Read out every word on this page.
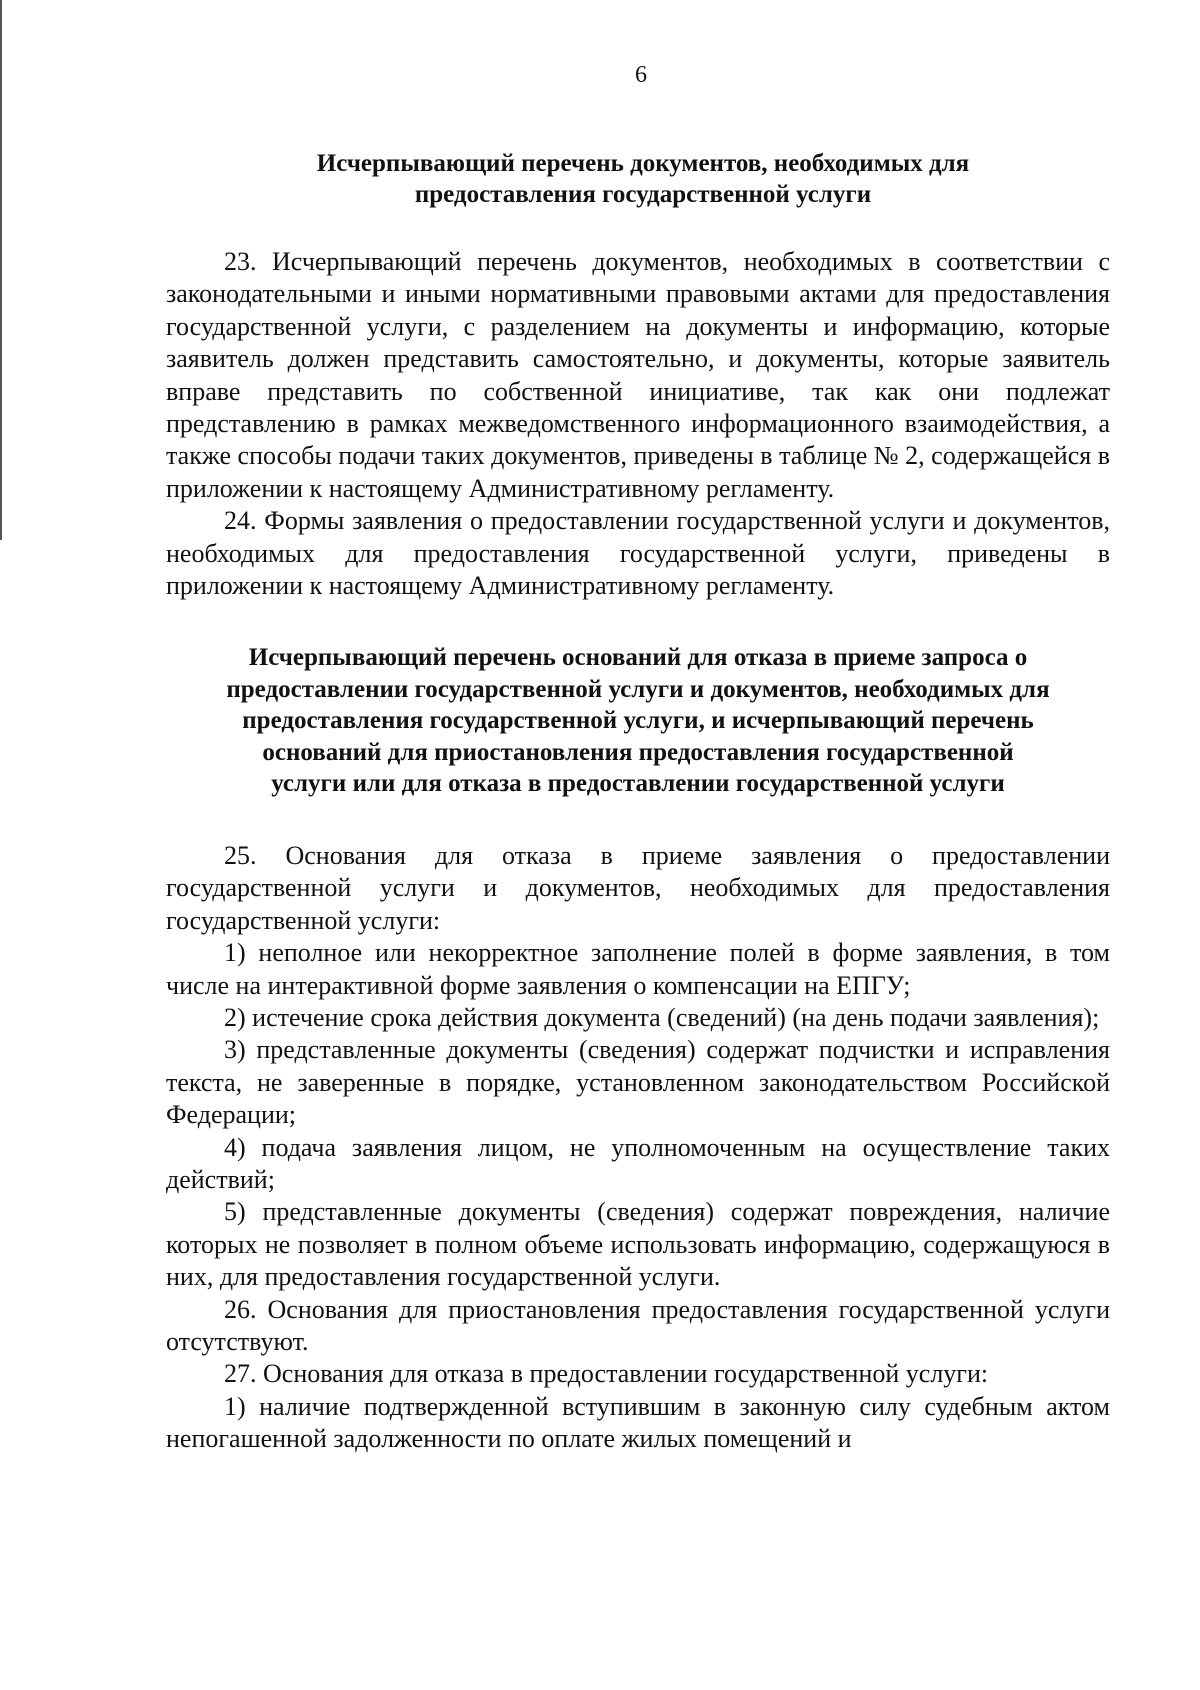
6
Исчерпывающий перечень документов, необходимых для
предоставления государственной услуги

23. Исчерпывающий перечень документов, необходимых в соответствии с законодательными и иными нормативными правовыми актами для предоставления государственной услуги, с разделением на документы и информацию, которые заявитель должен представить самостоятельно, и документы, которые заявитель вправе представить по собственной инициативе, так как они подлежат представлению в рамках межведомственного информационного взаимодействия, а также способы подачи таких документов, приведены в таблице № 2, содержащейся в приложении к настоящему Административному регламенту.

24. Формы заявления о предоставлении государственной услуги и документов, необходимых для предоставления государственной услуги, приведены в приложении к настоящему Административному регламенту.

Исчерпывающий перечень оснований для отказа в приеме запроса о
предоставлении государственной услуги и документов, необходимых для
предоставления государственной услуги, и исчерпывающий перечень
оснований для приостановления предоставления государственной
услуги или для отказа в предоставлении государственной услуги

25. Основания для отказа в приеме заявления о предоставлении государственной услуги и документов, необходимых для предоставления государственной услуги:

1) неполное или некорректное заполнение полей в форме заявления, в том числе на интерактивной форме заявления о компенсации на ЕПГУ;

2) истечение срока действия документа (сведений) (на день подачи заявления);

3) представленные документы (сведения) содержат подчистки и исправления текста, не заверенные в порядке, установленном законодательством Российской Федерации;

4) подача заявления лицом, не уполномоченным на осуществление таких действий;

5) представленные документы (сведения) содержат повреждения, наличие которых не позволяет в полном объеме использовать информацию, содержащуюся в них, для предоставления государственной услуги.

26. Основания для приостановления предоставления государственной услуги отсутствуют.

27. Основания для отказа в предоставлении государственной услуги:

1) наличие подтвержденной вступившим в законную силу судебным актом непогашенной задолженности по оплате жилых помещений и
